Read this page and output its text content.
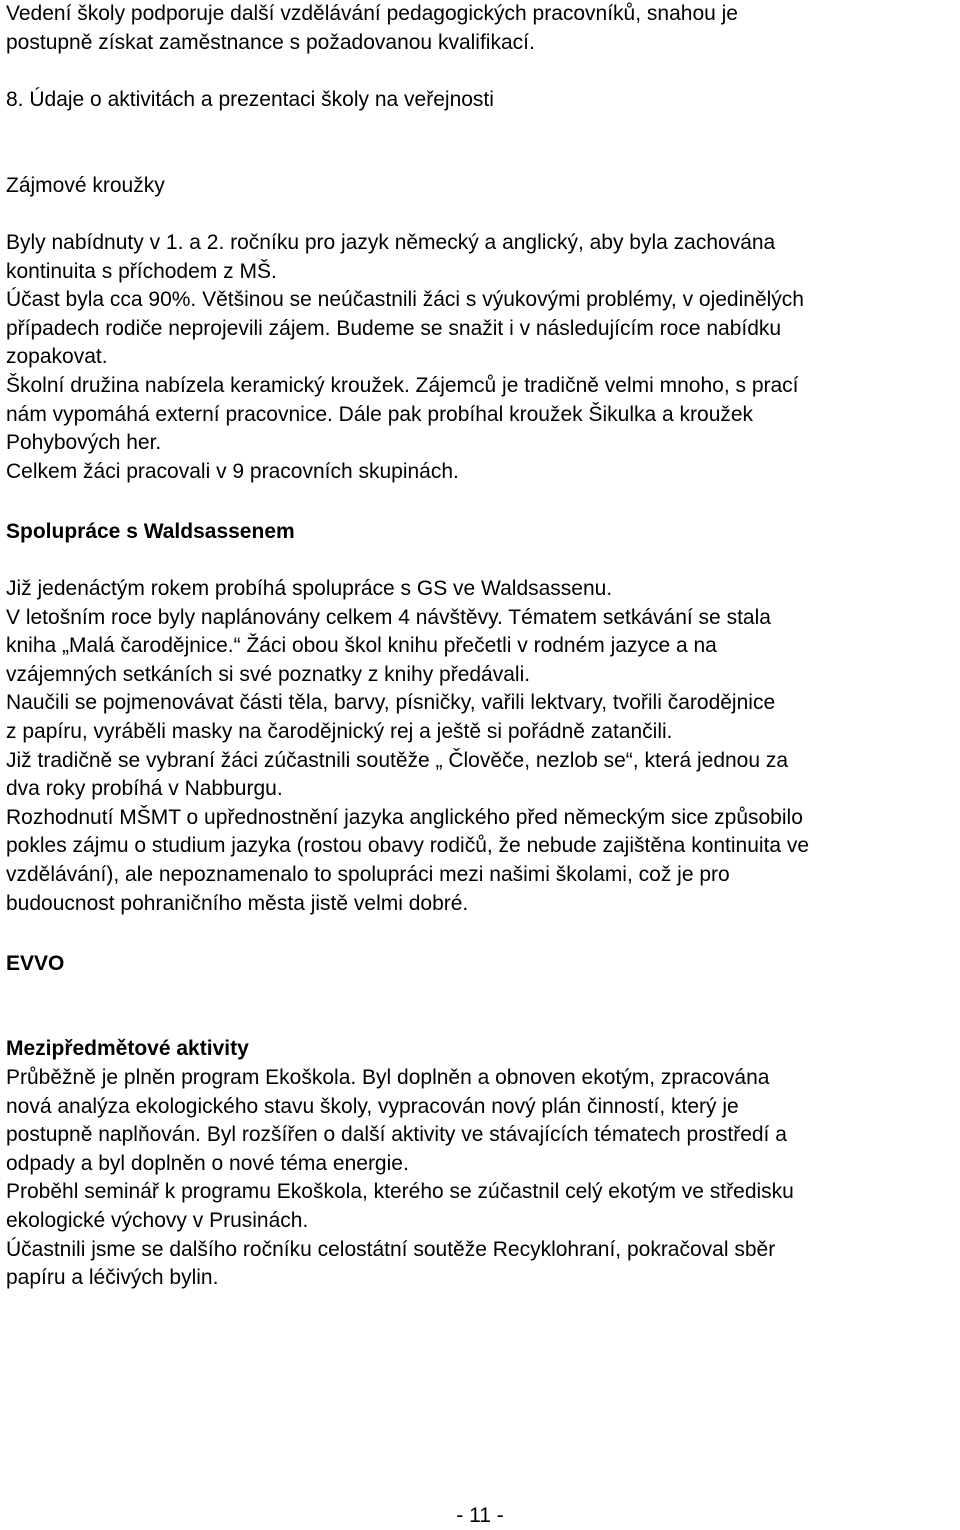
Vedení školy podporuje další vzdělávání pedagogických pracovníků, snahou je
postupně získat zaměstnance s požadovanou kvalifikací.

8. Údaje o aktivitách a prezentaci školy na veřejnosti

Zájmové kroužky

Byly nabídnuty v 1. a 2. ročníku pro jazyk německý a anglický, aby byla zachována
kontinuita s příchodem z MŠ.
Účast byla cca 90%. Většinou se neúčastnili žáci s výukovými problémy, v ojedinělých
případech rodiče neprojevili zájem. Budeme se snažit i v následujícím roce nabídku
zopakovat.
Školní družina nabízela keramický kroužek. Zájemců je tradičně velmi mnoho, s prací
nám vypomáhá externí pracovnice. Dále pak probíhal kroužek Šikulka a kroužek
Pohybových her.
Celkem žáci pracovali v 9 pracovních skupinách.

Spolupráce s Waldsassenem

Již jedenáctým rokem probíhá spolupráce s GS ve Waldsassenu.
V letošním roce byly naplánovány celkem 4 návštěvy. Tématem setkávání se stala
kniha „Malá čarodějnice.“ Žáci obou škol knihu přečetli v rodném jazyce a na
vzájemných setkáních si své poznatky z knihy předávali.
Naučili se pojmenovávat části těla, barvy, písničky, vařili lektvary, tvořili čarodějnice
z papíru, vyráběli masky na čarodějnický rej a ještě si pořádně zatančili.
Již tradičně se vybraní žáci zúčastnili soutěže „ Člověče, nezlob se“, která jednou za
dva roky probíhá v Nabburgu.
Rozhodnutí MŠMT o upřednostnění jazyka anglického před německým sice způsobilo
pokles zájmu o studium jazyka (rostou obavy rodičů, že nebude zajištěna kontinuita ve
vzdělávání), ale nepoznamenalo to spolupráci mezi našimi školami, což je pro
budoucnost pohraničního města jistě velmi dobré.

EVVO

Mezipředmětové aktivity

Průběžně je plněn program Ekoškola. Byl doplněn a obnoven ekotým, zpracována
nová analýza ekologického stavu školy, vypracován nový plán činností, který je
postupně naplňován. Byl rozšířen o další aktivity ve stávajících tématech prostředí a
odpady a byl doplněn o nové téma energie.
Proběhl seminář k programu Ekoškola, kterého se zúčastnil celý ekotým ve středisku
ekologické výchovy v Prusinách.
Účastnili jsme se dalšího ročníku celostátní soutěže Recyklohraní, pokračoval sběr
papíru a léčivých bylin.

- 11 -
